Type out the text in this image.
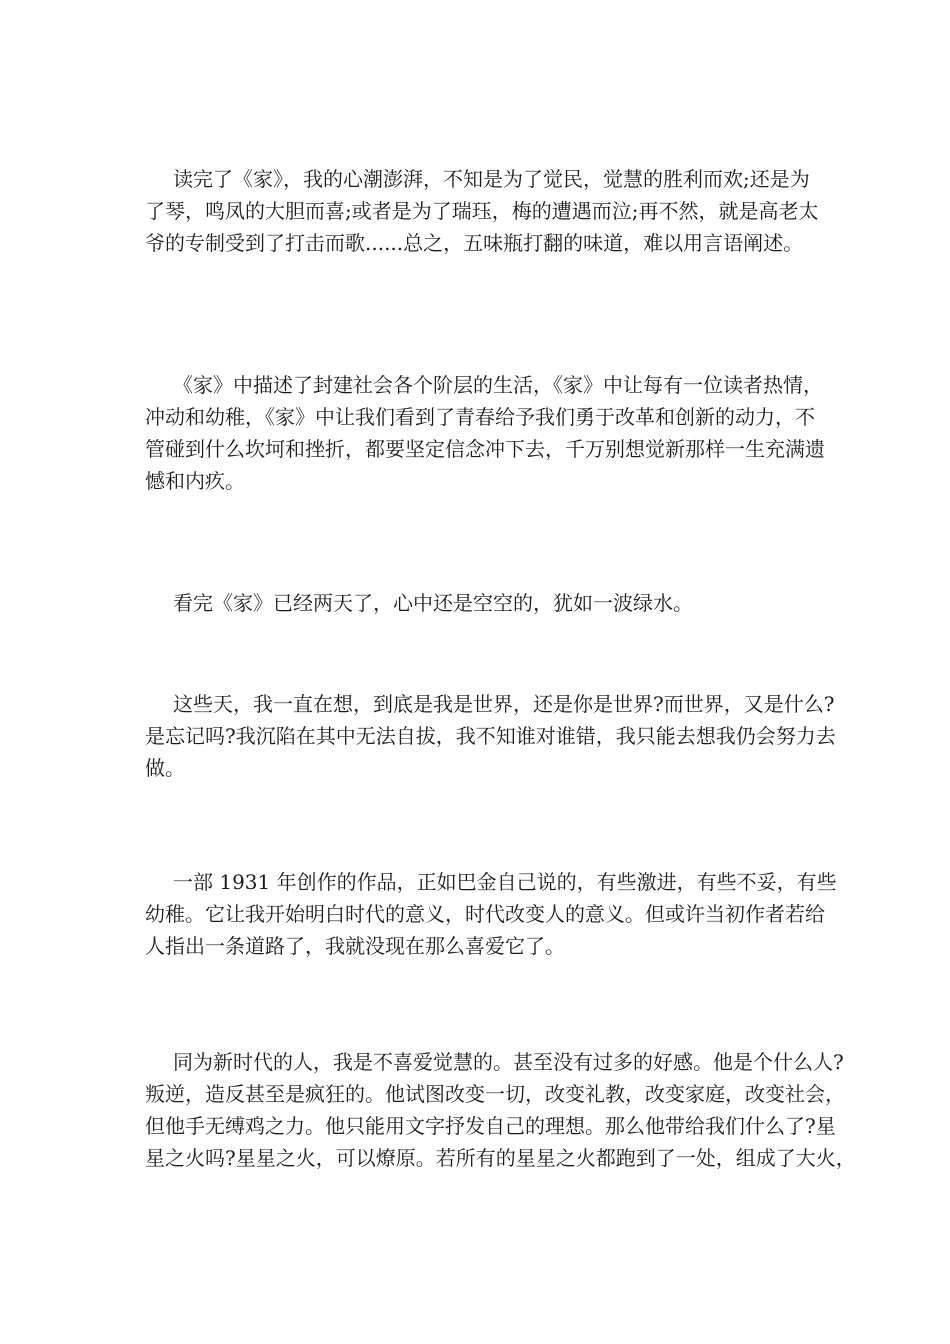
读完了《家》，我的心潮澎湃，不知是为了觉民，觉慧的胜利而欢;还是为
了琴，鸣凤的大胆而喜;或者是为了瑞珏，梅的遭遇而泣;再不然，就是高老太
爷的专制受到了打击而歌......总之，五味瓶打翻的味道，难以用言语阐述。
《家》中描述了封建社会各个阶层的生活，《家》中让每有一位读者热情，
冲动和幼稚，《家》中让我们看到了青春给予我们勇于改革和创新的动力，不
管碰到什么坎坷和挫折，都要坚定信念冲下去，千万别想觉新那样一生充满遗
憾和内疚。
看完《家》已经两天了，心中还是空空的，犹如一波绿水。
这些天，我一直在想，到底是我是世界，还是你是世界?而世界，又是什么?
是忘记吗?我沉陷在其中无法自拔，我不知谁对谁错，我只能去想我仍会努力去
做。
一部 1931 年创作的作品，正如巴金自己说的，有些激进，有些不妥，有些
幼稚。它让我开始明白时代的意义，时代改变人的意义。但或许当初作者若给
人指出一条道路了，我就没现在那么喜爱它了。
同为新时代的人，我是不喜爱觉慧的。甚至没有过多的好感。他是个什么人?
叛逆，造反甚至是疯狂的。他试图改变一切，改变礼教，改变家庭，改变社会，
但他手无缚鸡之力。他只能用文字抒发自己的理想。那么他带给我们什么了?星
星之火吗?星星之火，可以燎原。若所有的星星之火都跑到了一处，组成了大火，
